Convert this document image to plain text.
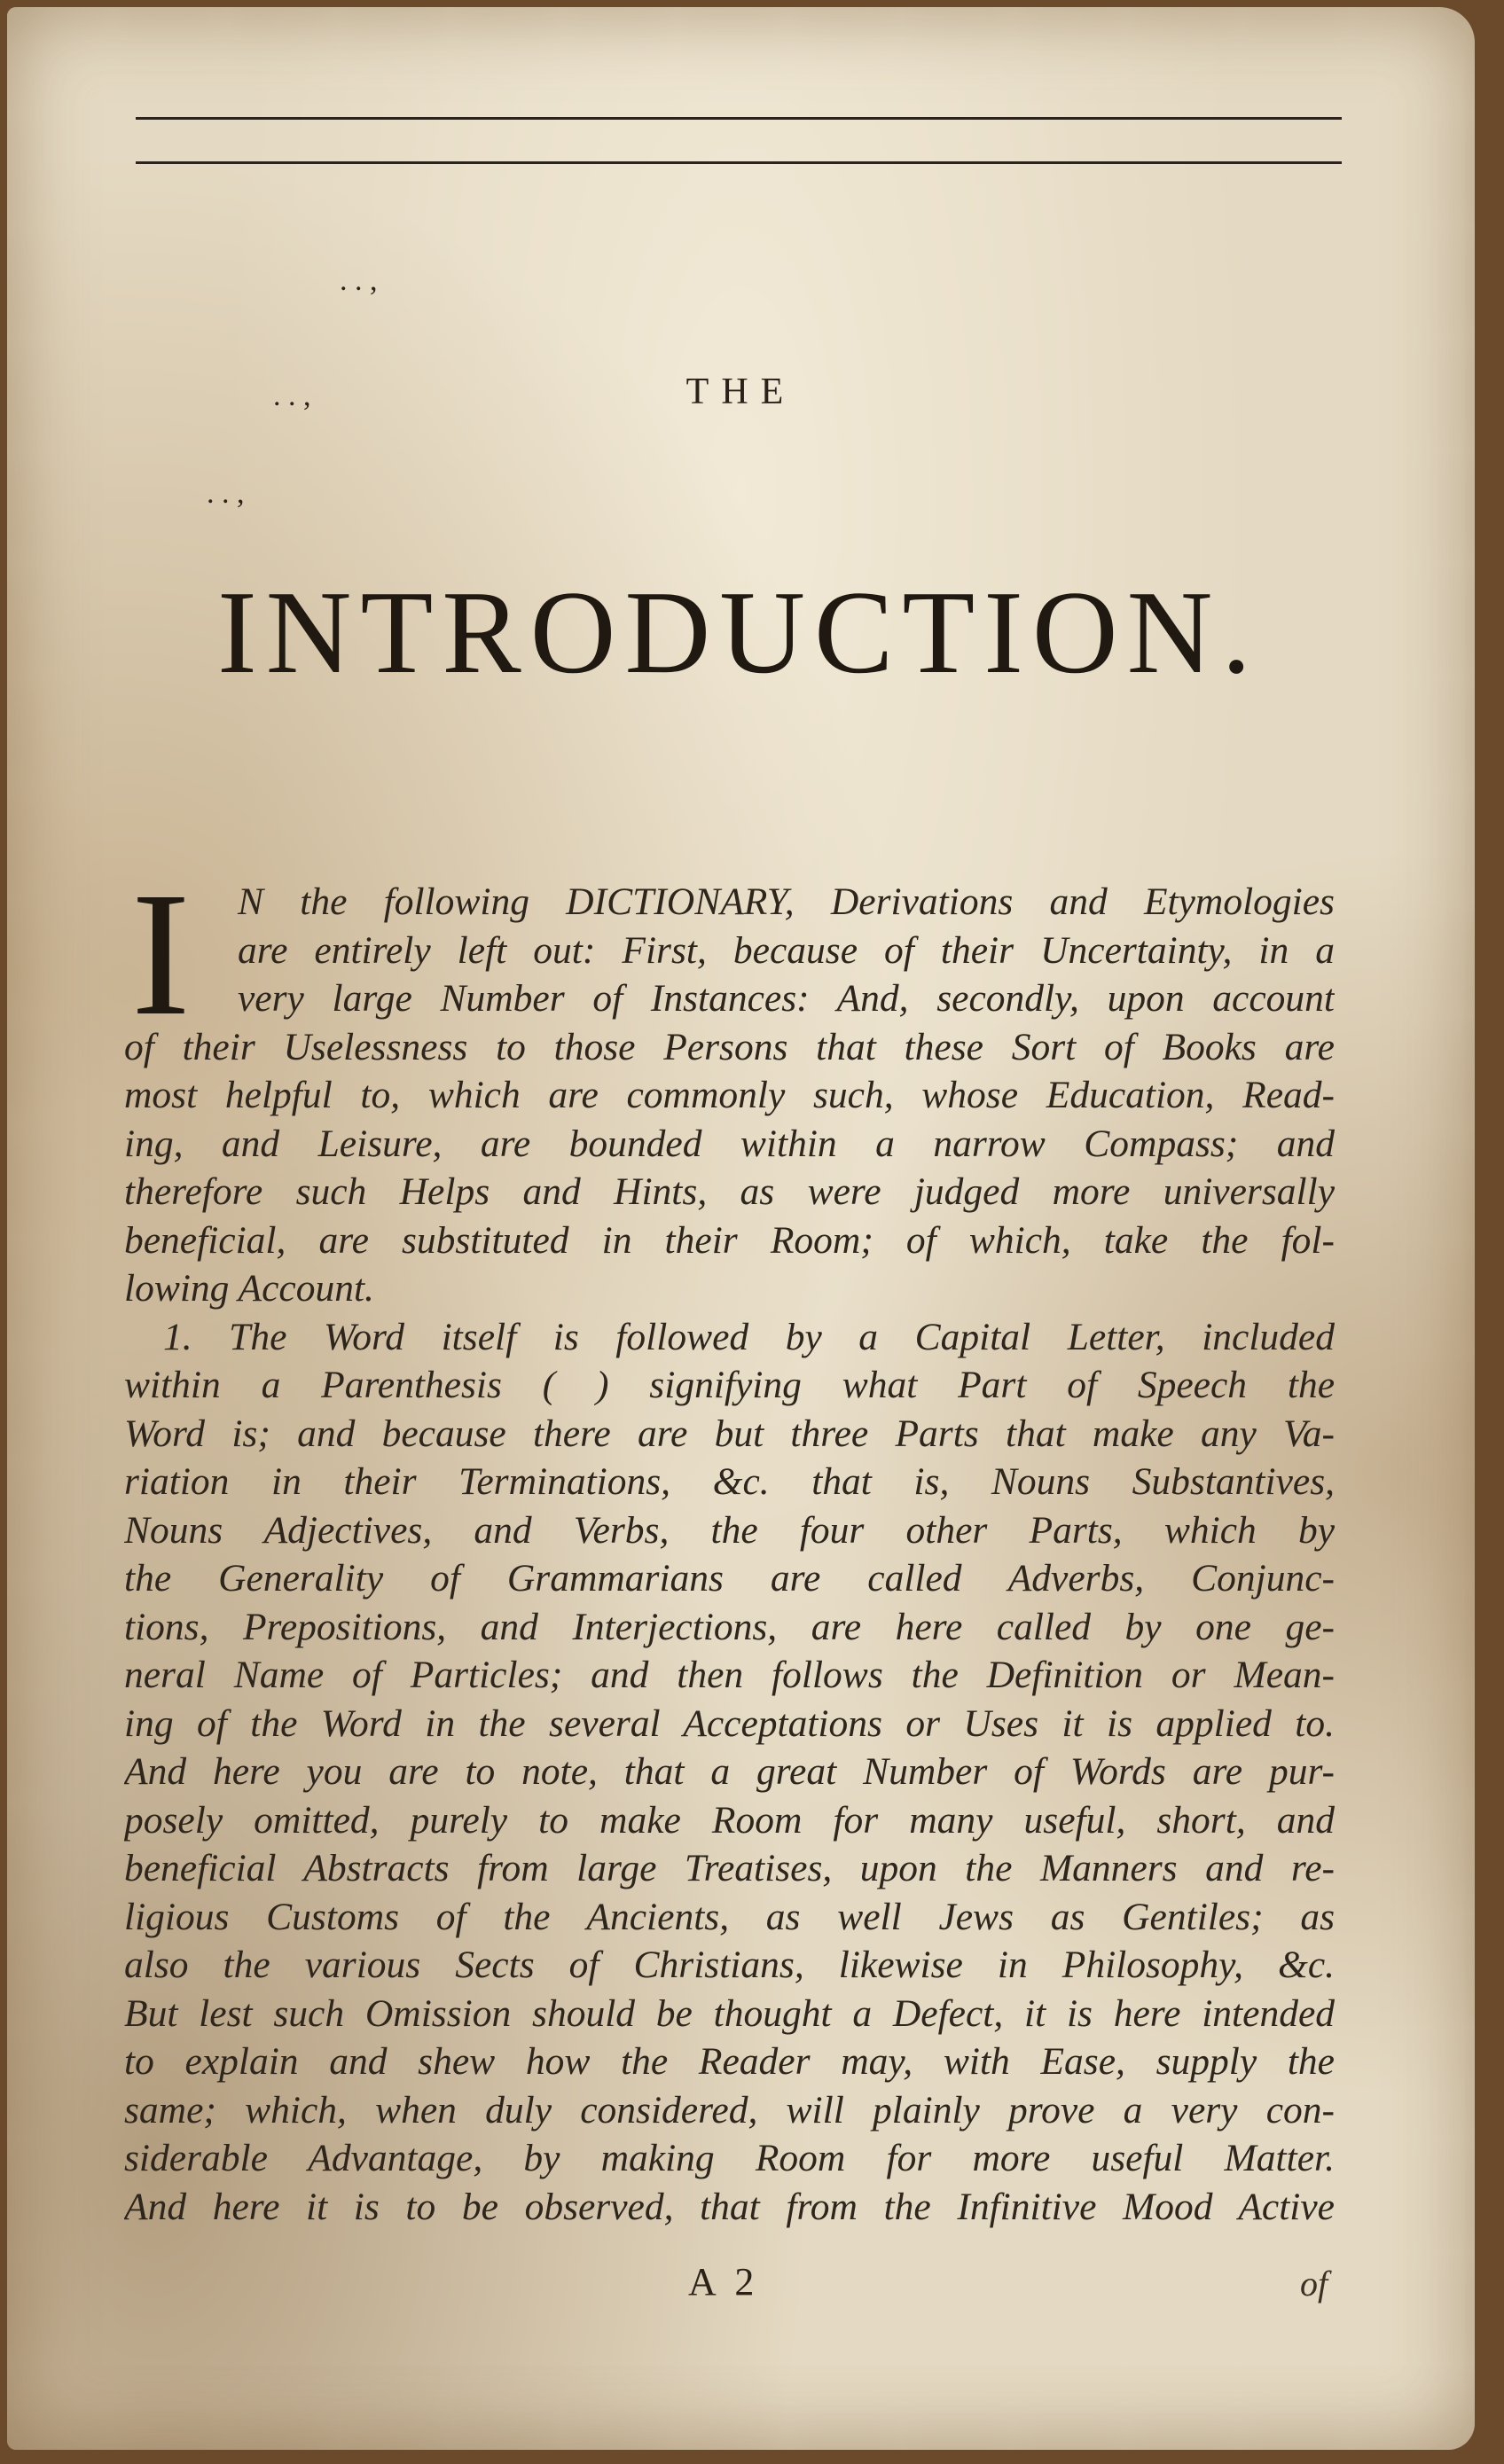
. . ,
. . ,
. . ,
THE
INTRODUCTION.
I	N the following DICTIONARY, Derivations and Etymologies
are entirely left out: First, because of their Uncertainty, in a
very large Number of Instances: And, secondly, upon account
of their Uselessness to those Persons that these Sort of Books are
most helpful to, which are commonly such, whose Education, Read-
ing, and Leisure, are bounded within a narrow Compass; and
therefore such Helps and Hints, as were judged more universally
beneficial, are substituted in their Room; of which, take the fol-
lowing Account.
1. The Word itself is followed by a Capital Letter, included
within a Parenthesis ( ) signifying what Part of Speech the
Word is; and because there are but three Parts that make any Va-
riation in their Terminations, &c. that is, Nouns Substantives,
Nouns Adjectives, and Verbs, the four other Parts, which by
the Generality of Grammarians are called Adverbs, Conjunc-
tions, Prepositions, and Interjections, are here called by one ge-
neral Name of Particles; and then follows the Definition or Mean-
ing of the Word in the several Acceptations or Uses it is applied to.
And here you are to note, that a great Number of Words are pur-
posely omitted, purely to make Room for many useful, short, and
beneficial Abstracts from large Treatises, upon the Manners and re-
ligious Customs of the Ancients, as well Jews as Gentiles; as
also the various Sects of Christians, likewise in Philosophy, &c.
But lest such Omission should be thought a Defect, it is here intended
to explain and shew how the Reader may, with Ease, supply the
same; which, when duly considered, will plainly prove a very con-
siderable Advantage, by making Room for more useful Matter.
And here it is to be observed, that from the Infinitive Mood Active
A 2	of
